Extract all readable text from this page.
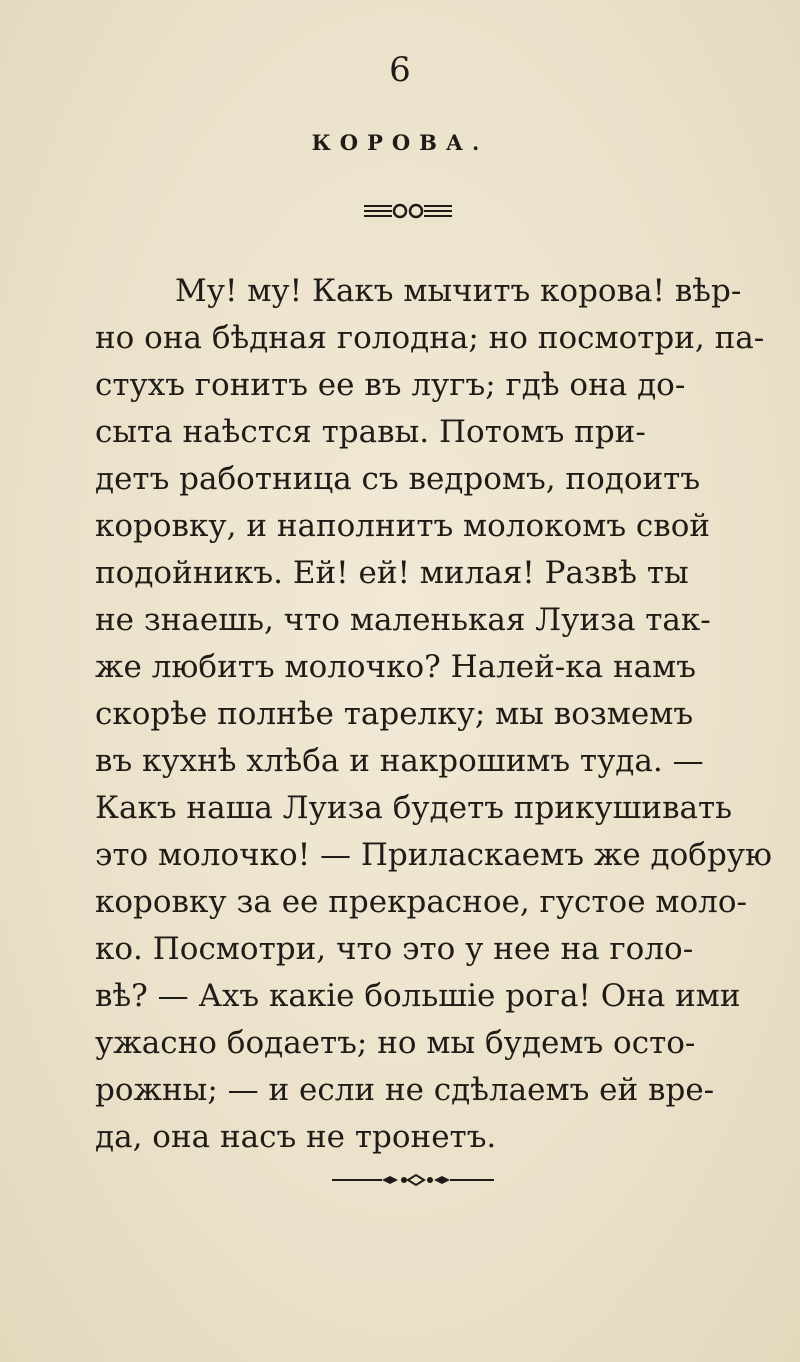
6
КОРОВА.
Му! му! Какъ мычитъ корова! вѣр-
но она бѣдная голодна; но посмотри, па-
стухъ гонитъ ее въ лугъ; гдѣ она до-
сыта наѣстся травы. Потомъ при-
детъ работница съ ведромъ, подоитъ
коровку, и наполнитъ молокомъ свой
подойникъ. Ей! ей! милая! Развѣ ты
не знаешь, что маленькая Луиза так-
же любитъ молочко? Налей-ка намъ
скорѣе полнѣе тарелку; мы возмемъ
въ кухнѣ хлѣба и накрошимъ туда. —
Какъ наша Луиза будетъ прикушивать
это молочко! — Приласкаемъ же добрую
коровку за ее прекрасное, густое моло-
ко. Посмотри, что это у нее на голо-
вѣ? — Ахъ какіе большіе рога! Она ими
ужасно бодаетъ; но мы будемъ осто-
рожны; — и если не сдѣлаемъ ей вре-
да, она насъ не тронетъ.
